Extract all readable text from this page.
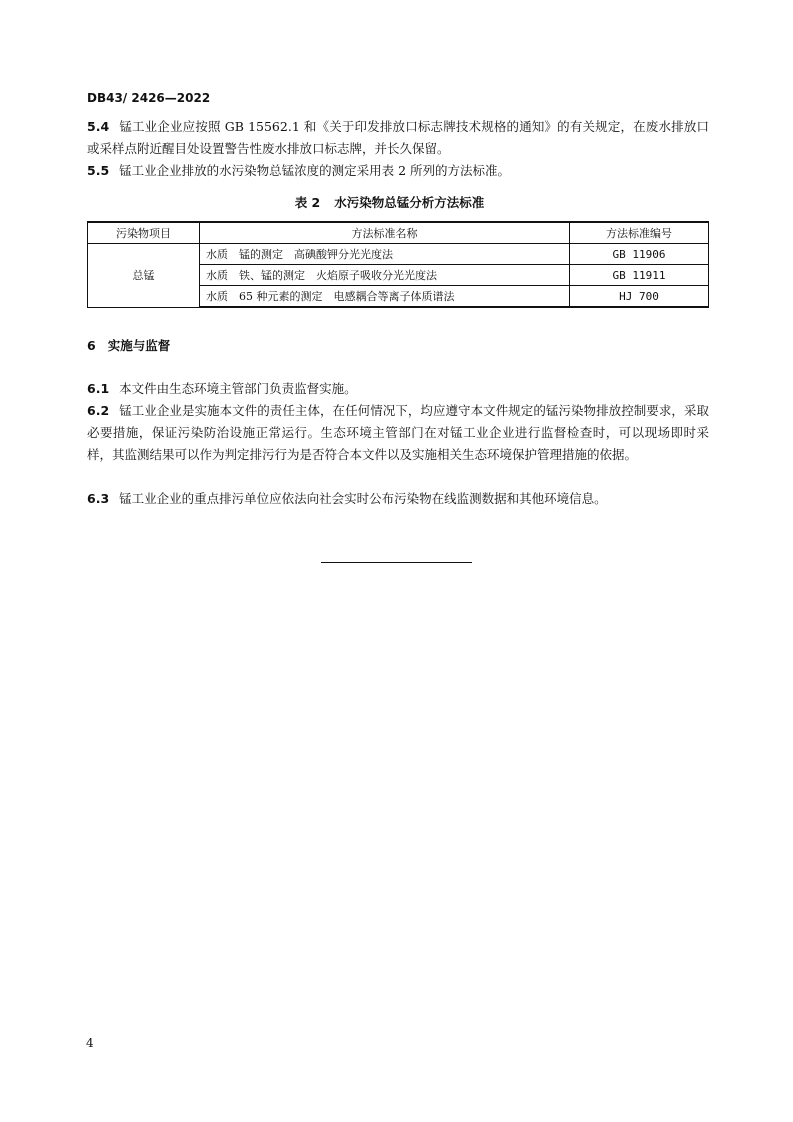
DB43/ 2426—2022

5.4 锰工业企业应按照 GB 15562.1 和《关于印发排放口标志牌技术规格的通知》的有关规定，在废水排放口或采样点附近醒目处设置警告性废水排放口标志牌，并长久保留。

5.5 锰工业企业排放的水污染物总锰浓度的测定采用表 2 所列的方法标准。

表 2 水污染物总锰分析方法标准
污染物项目	方法标准名称	方法标准编号
总锰	水质　锰的测定　高碘酸钾分光光度法	GB 11906
	水质　铁、锰的测定　火焰原子吸收分光光度法	GB 11911
	水质　65 种元素的测定　电感耦合等离子体质谱法	HJ 700
6 实施与监督

6.1 本文件由生态环境主管部门负责监督实施。

6.2 锰工业企业是实施本文件的责任主体，在任何情况下，均应遵守本文件规定的锰污染物排放控制要求，采取必要措施，保证污染防治设施正常运行。生态环境主管部门在对锰工业企业进行监督检查时，可以现场即时采样，其监测结果可以作为判定排污行为是否符合本文件以及实施相关生态环境保护管理措施的依据。

6.3 锰工业企业的重点排污单位应依法向社会实时公布污染物在线监测数据和其他环境信息。

4
